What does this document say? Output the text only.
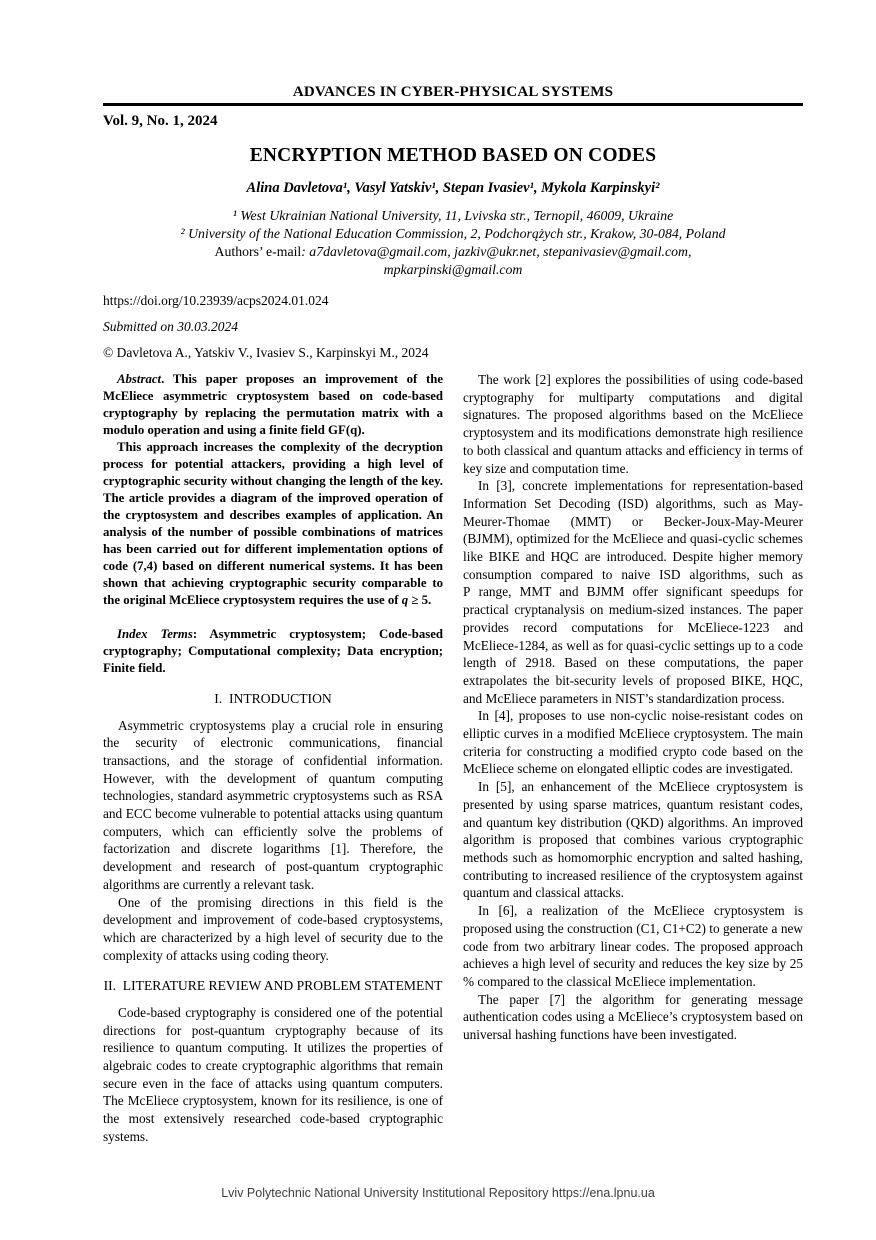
ADVANCES IN CYBER-PHYSICAL SYSTEMS
Vol. 9, No. 1, 2024
ENCRYPTION METHOD BASED ON CODES
Alina Davletova¹, Vasyl Yatskiv¹, Stepan Ivasiev¹, Mykola Karpinskyi²
¹ West Ukrainian National University, 11, Lvivska str., Ternopil, 46009, Ukraine
² University of the National Education Commission, 2, Podchorążych str., Krakow, 30-084, Poland
Authors’ e-mail: a7davletova@gmail.com, jazkiv@ukr.net, stepanivasiev@gmail.com,
mpkarpinski@gmail.com
https://doi.org/10.23939/acps2024.01.024
Submitted on 30.03.2024
© Davletova A., Yatskiv V., Ivasiev S., Karpinskyi M., 2024

Abstract. This paper proposes an improvement of the McEliece asymmetric cryptosystem based on code-based cryptography by replacing the permutation matrix with a modulo operation and using a finite field GF(q).

This approach increases the complexity of the decryption process for potential attackers, providing a high level of cryptographic security without changing the length of the key. The article provides a diagram of the improved operation of the cryptosystem and describes examples of application. An analysis of the number of possible combinations of matrices has been carried out for different implementation options of code (7,4) based on different numerical systems. It has been shown that achieving cryptographic security comparable to the original McEliece cryptosystem requires the use of q ≥ 5.

Index Terms: Asymmetric cryptosystem; Code-based cryptography; Computational complexity; Data encryption; Finite field.

I.  INTRODUCTION

Asymmetric cryptosystems play a crucial role in ensuring the security of electronic communications, financial transactions, and the storage of confidential information. However, with the development of quantum computing technologies, standard asymmetric cryptosystems such as RSA and ECC become vulnerable to potential attacks using quantum computers, which can efficiently solve the problems of factorization and discrete logarithms [1]. Therefore, the development and research of post-quantum cryptographic algorithms are currently a relevant task.

One of the promising directions in this field is the development and improvement of code-based cryptosystems, which are characterized by a high level of security due to the complexity of attacks using coding theory.

II.  LITERATURE REVIEW AND PROBLEM STATEMENT

Code-based cryptography is considered one of the potential directions for post-quantum cryptography because of its resilience to quantum computing. It utilizes the properties of algebraic codes to create cryptographic algorithms that remain secure even in the face of attacks using quantum computers. The McEliece cryptosystem, known for its resilience, is one of the most extensively researched code-based cryptographic systems.

The work [2] explores the possibilities of using code-based cryptography for multiparty computations and digital signatures. The proposed algorithms based on the McEliece cryptosystem and its modifications demonstrate high resilience to both classical and quantum attacks and efficiency in terms of key size and computation time.

In [3], concrete implementations for representation-based Information Set Decoding (ISD) algorithms, such as May-Meurer-Thomae (MMT) or Becker-Joux-May-Meurer (BJMM), optimized for the McEliece and quasi-cyclic schemes like BIKE and HQC are introduced. Despite higher memory consumption compared to naive ISD algorithms, such as P range, MMT and BJMM offer significant speedups for practical cryptanalysis on medium-sized instances. The paper provides record computations for McEliece-1223 and McEliece-1284, as well as for quasi-cyclic settings up to a code length of 2918. Based on these computations, the paper extrapolates the bit-security levels of proposed BIKE, HQC, and McEliece parameters in NIST’s standardization process.

In [4], proposes to use non-cyclic noise-resistant codes on elliptic curves in a modified McEliece cryptosystem. The main criteria for constructing a modified crypto code based on the McEliece scheme on elongated elliptic codes are investigated.

In [5], an enhancement of the McEliece cryptosystem is presented by using sparse matrices, quantum resistant codes, and quantum key distribution (QKD) algorithms. An improved algorithm is proposed that combines various cryptographic methods such as homomorphic encryption and salted hashing, contributing to increased resilience of the cryptosystem against quantum and classical attacks.

In [6], a realization of the McEliece cryptosystem is proposed using the construction (C1, C1+C2) to generate a new code from two arbitrary linear codes. The proposed approach achieves a high level of security and reduces the key size by 25 % compared to the classical McEliece implementation.

The paper [7] the algorithm for generating message authentication codes using a McEliece’s cryptosystem based on universal hashing functions have been investigated.

Lviv Polytechnic National University Institutional Repository https://ena.lpnu.ua
